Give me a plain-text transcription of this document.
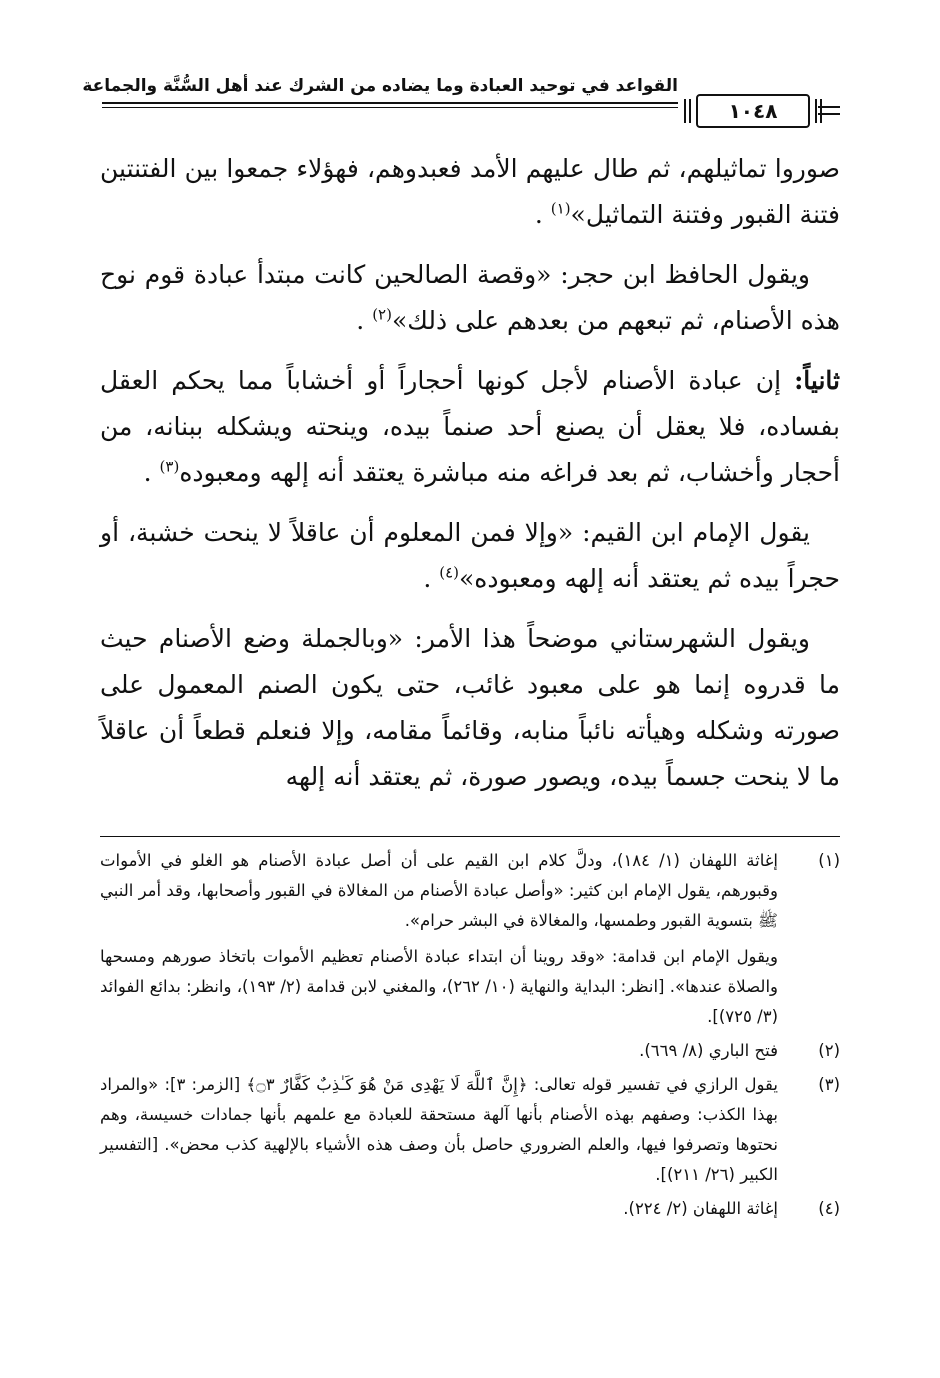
القواعد في توحيد العبادة وما يضاده من الشرك عند أهل السُّنَّة والجماعة
١٠٤٨

صوروا تماثيلهم، ثم طال عليهم الأمد فعبدوهم، فهؤلاء جمعوا بين الفتنتين فتنة القبور وفتنة التماثيل»$^{(١)}$ .

ويقول الحافظ ابن حجر: «وقصة الصالحين كانت مبتدأ عبادة قوم نوح هذه الأصنام، ثم تبعهم من بعدهم على ذلك»$^{(٢)}$ .

ثانياً: إن عبادة الأصنام لأجل كونها أحجاراً أو أخشاباً مما يحكم العقل بفساده، فلا يعقل أن يصنع أحد صنماً بيده، وينحته ويشكله ببنانه، من أحجار وأخشاب، ثم بعد فراغه منه مباشرة يعتقد أنه إلهه ومعبوده$^{(٣)}$ .

يقول الإمام ابن القيم: «وإلا فمن المعلوم أن عاقلاً لا ينحت خشبة، أو حجراً بيده ثم يعتقد أنه إلهه ومعبوده»$^{(٤)}$ .

ويقول الشهرستاني موضحاً هذا الأمر: «وبالجملة وضع الأصنام حيث ما قدروه إنما هو على معبود غائب، حتى يكون الصنم المعمول على صورته وشكله وهيأته نائباً منابه، وقائماً مقامه، وإلا فنعلم قطعاً أن عاقلاً ما لا ينحت جسماً بيده، ويصور صورة، ثم يعتقد أنه إلهه

(١)

إغاثة اللهفان (١/ ١٨٤)، ودلَّ كلام ابن القيم على أن أصل عبادة الأصنام هو الغلو في الأموات وقبورهم، يقول الإمام ابن كثير: «وأصل عبادة الأصنام من المغالاة في القبور وأصحابها، وقد أمر النبي ﷺ بتسوية القبور وطمسها، والمغالاة في البشر حرام».

ويقول الإمام ابن قدامة: «وقد روينا أن ابتداء عبادة الأصنام تعظيم الأموات باتخاذ صورهم ومسحها والصلاة عندها». [انظر: البداية والنهاية (١٠/ ٢٦٢)، والمغني لابن قدامة (٢/ ١٩٣)، وانظر: بدائع الفوائد (٣/ ٧٢٥)].

(٢)

فتح الباري (٨/ ٦٦٩).

(٣)

يقول الرازي في تفسير قوله تعالى: ﴿إِنَّ ٱللَّهَ لَا يَهْدِى مَنْ هُوَ كَـٰذِبٌ كَفَّارٌ ۝٣﴾ [الزمر: ٣]: «والمراد بهذا الكذب: وصفهم بهذه الأصنام بأنها آلهة مستحقة للعبادة مع علمهم بأنها جمادات خسيسة، وهم نحتوها وتصرفوا فيها، والعلم الضروري حاصل بأن وصف هذه الأشياء بالإلهية كذب محض». [التفسير الكبير (٢٦/ ٢١١)].

(٤)

إغاثة اللهفان (٢/ ٢٢٤).
